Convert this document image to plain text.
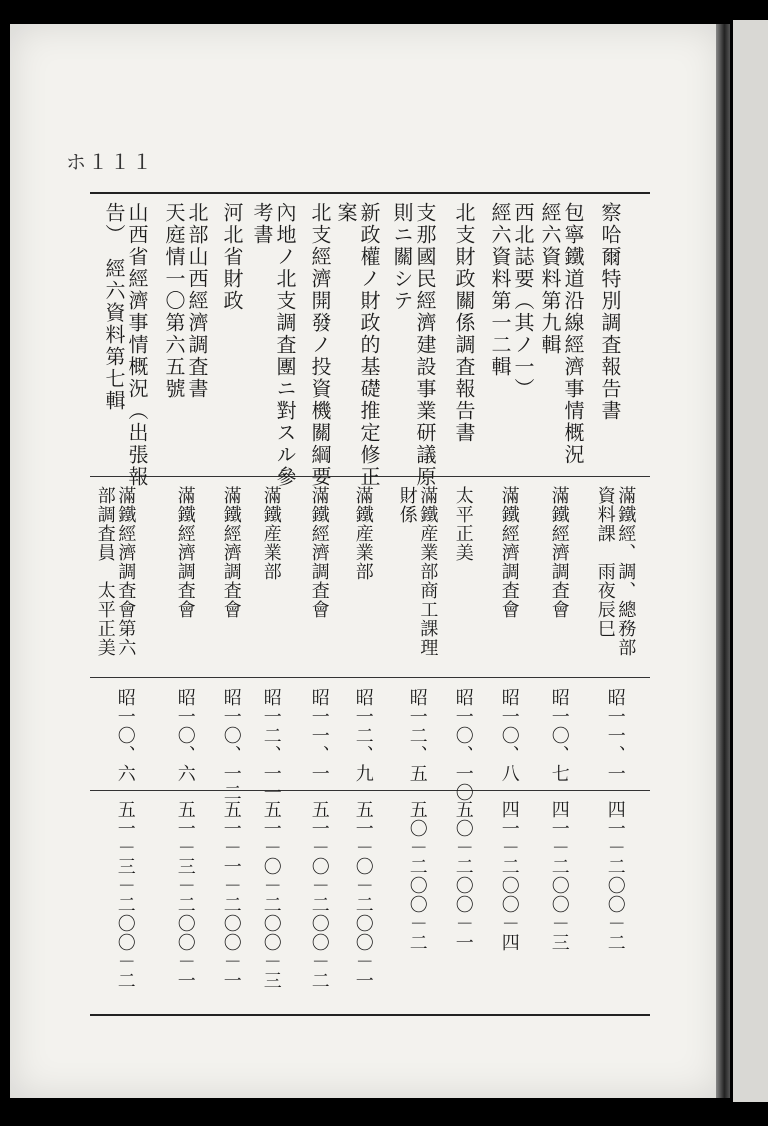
ホ１１１
察哈爾特別調査報告書
滿鐵經、調、總務部
資料課　雨夜辰巳
昭一一、一
四一－二〇〇－二
包寧鐵道沿線經濟事情概況
經六資料第九輯
滿鐵經濟調査會
昭一〇、七
四一－二〇〇－三
西北誌要（其ノ一）
經六資料第一二輯
滿鐵經濟調査會
昭一〇、八
四一－二〇〇－四
北支財政關係調査報告書
太平正美
昭一〇、一〇
五〇－二〇〇－一
支那國民經濟建設事業研議原
則ニ關シテ
滿鐵産業部商工課理
財係
昭一二、五
五〇－二〇〇－二
新政權ノ財政的基礎推定修正
案
滿鐵産業部
昭一二、九
五一－〇－二〇〇－一
北支經濟開發ノ投資機關綱要
滿鐵經濟調査會
昭一一、一
五一－〇－二〇〇－二
內地ノ北支調査團ニ對スル參
考書
滿鐵産業部
昭一二、一一
五一－〇－二〇〇－三
河北省財政
滿鐵經濟調査會
昭一〇、一二
五一－一－二〇〇－一
北部山西經濟調査書
天庭情一〇第六五號
滿鐵經濟調査會
昭一〇、六
五一－三－二〇〇－一
山西省經濟事情概況（出張報
告）　經六資料第七輯
滿鐵經濟調査會第六
部調査員　太平正美
昭一〇、六
五一－三－二〇〇－二
